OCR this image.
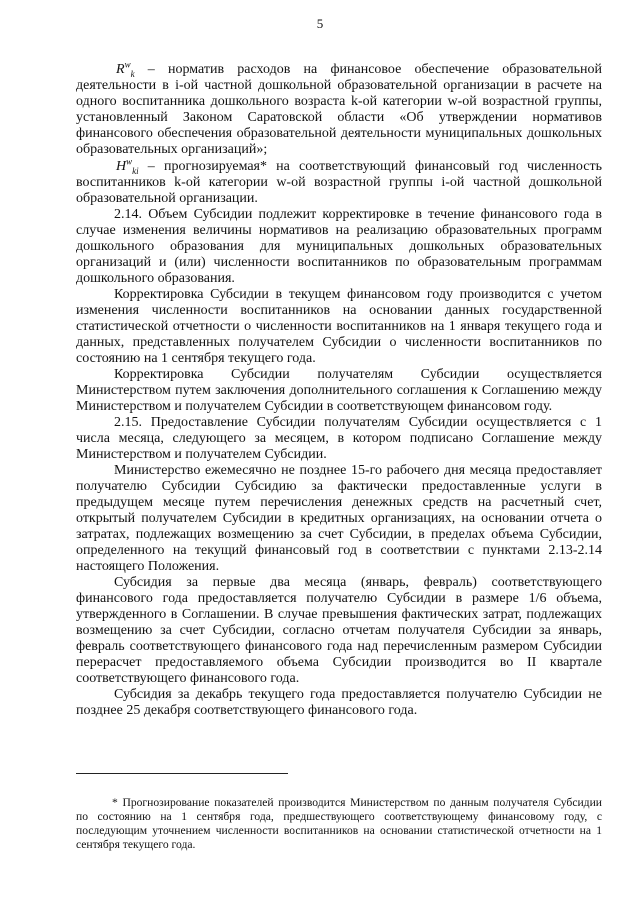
5

$R^w_k$ – норматив расходов на финансовое обеспечение образовательной деятельности в i-ой частной дошкольной образовательной организации в расчете на одного воспитанника дошкольного возраста k-ой категории w-ой возрастной группы, установленный Законом Саратовской области «Об утверждении нормативов финансового обеспечения образовательной деятельности муниципальных дошкольных образовательных организаций»;

$H^w_{ki}$ – прогнозируемая* на соответствующий финансовый год численность воспитанников k-ой категории w-ой возрастной группы i-ой частной дошкольной образовательной организации.

2.14. Объем Субсидии подлежит корректировке в течение финансового года в случае изменения величины нормативов на реализацию образовательных программ дошкольного образования для муниципальных дошкольных образовательных организаций и (или) численности воспитанников по образовательным программам дошкольного образования.

Корректировка Субсидии в текущем финансовом году производится с учетом изменения численности воспитанников на основании данных государственной статистической отчетности о численности воспитанников на 1 января текущего года и данных, представленных получателем Субсидии о численности воспитанников по состоянию на 1 сентября текущего года.

Корректировка Субсидии получателям Субсидии осуществляется Министерством путем заключения дополнительного соглашения к Соглашению между Министерством и получателем Субсидии в соответствующем финансовом году.

2.15. Предоставление Субсидии получателям Субсидии осуществляется с 1 числа месяца, следующего за месяцем, в котором подписано Соглашение между Министерством и получателем Субсидии.

Министерство ежемесячно не позднее 15-го рабочего дня месяца предоставляет получателю Субсидии Субсидию за фактически предоставленные услуги в предыдущем месяце путем перечисления денежных средств на расчетный счет, открытый получателем Субсидии в кредитных организациях, на основании отчета о затратах, подлежащих возмещению за счет Субсидии, в пределах объема Субсидии, определенного на текущий финансовый год в соответствии с пунктами 2.13-2.14 настоящего Положения.

Субсидия за первые два месяца (январь, февраль) соответствующего финансового года предоставляется получателю Субсидии в размере 1/6 объема, утвержденного в Соглашении. В случае превышения фактических затрат, подлежащих возмещению за счет Субсидии, согласно отчетам получателя Субсидии за январь, февраль соответствующего финансового года над перечисленным размером Субсидии перерасчет предоставляемого объема Субсидии производится во II квартале соответствующего финансового года.

Субсидия за декабрь текущего года предоставляется получателю Субсидии не позднее 25 декабря соответствующего финансового года.

* Прогнозирование показателей производится Министерством по данным получателя Субсидии по состоянию на 1 сентября года, предшествующего соответствующему финансовому году, с последующим уточнением численности воспитанников на основании статистической отчетности на 1 сентября текущего года.
